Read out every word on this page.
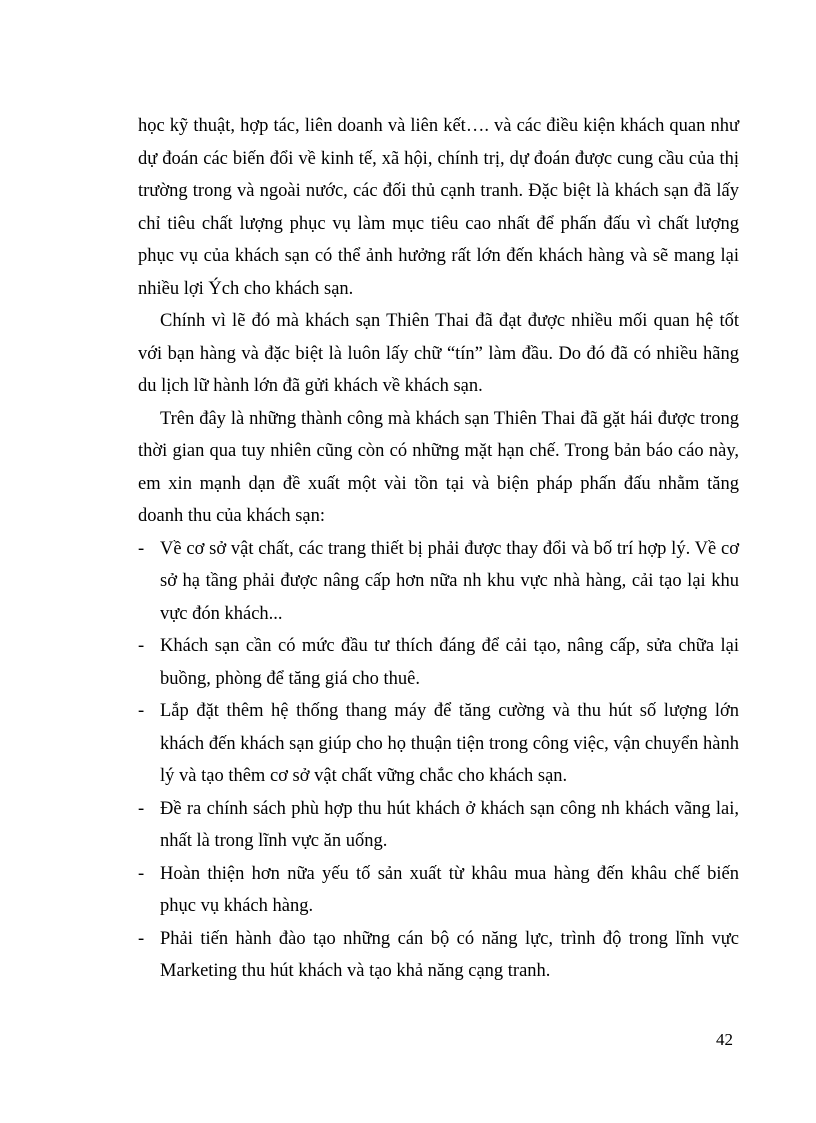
học kỹ thuật, hợp tác, liên doanh và liên kết…. và các điều kiện khách quan như dự đoán các biến đổi về kinh tế, xã hội, chính trị, dự đoán được cung cầu của thị trường trong và ngoài nước, các đối thủ cạnh tranh. Đặc biệt là khách sạn đã lấy chỉ tiêu chất lượng phục vụ làm mục tiêu cao nhất để phấn đấu vì chất lượng phục vụ của khách sạn có thể ảnh hưởng rất lớn đến khách hàng và sẽ mang lại nhiều lợi Ých cho khách sạn.

Chính vì lẽ đó mà khách sạn Thiên Thai đã đạt được nhiều mối quan hệ tốt với bạn hàng và đặc biệt là luôn lấy chữ “tín” làm đầu. Do đó đã có nhiều hãng du lịch lữ hành lớn đã gửi khách về khách sạn.

Trên đây là những thành công mà khách sạn Thiên Thai đã gặt hái được trong thời gian qua tuy nhiên cũng còn có những mặt hạn chế. Trong bản báo cáo này, em xin mạnh dạn đề xuất một vài tồn tại và biện pháp phấn đấu nhằm tăng doanh thu của khách sạn:

- Về cơ sở vật chất, các trang thiết bị phải được thay đổi và bố trí hợp lý. Về cơ sở hạ tầng phải được nâng cấp hơn nữa nh khu vực nhà hàng, cải tạo lại khu vực đón khách...
- Khách sạn cần có mức đầu tư thích đáng để cải tạo, nâng cấp, sửa chữa lại buồng, phòng để tăng giá cho thuê.
- Lắp đặt thêm hệ thống thang máy để tăng cường và thu hút số lượng lớn khách đến khách sạn giúp cho họ thuận tiện trong công việc, vận chuyển hành lý và tạo thêm cơ sở vật chất vững chắc cho khách sạn.
- Đề ra chính sách phù hợp thu hút khách ở khách sạn công nh khách vãng lai, nhất là trong lĩnh vực ăn uống.
- Hoàn thiện hơn nữa yếu tố sản xuất từ khâu mua hàng đến khâu chế biến phục vụ khách hàng.
- Phải tiến hành đào tạo những cán bộ có năng lực, trình độ trong lĩnh vực Marketing thu hút khách và tạo khả năng cạng tranh.
42
